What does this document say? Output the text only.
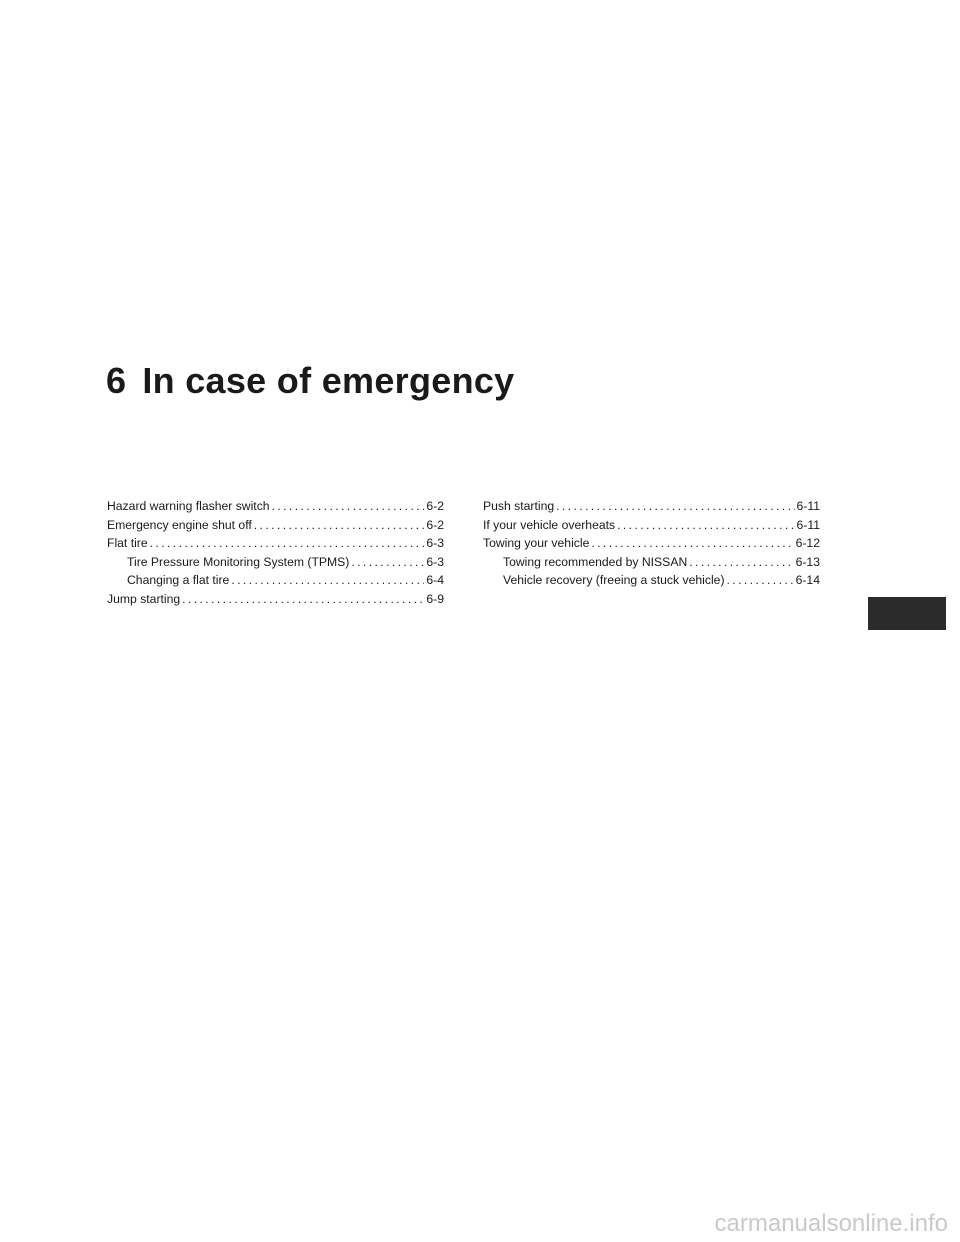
6 In case of emergency
Hazard warning flasher switch .....	6-2
Emergency engine shut off .....	6-2
Flat tire .....	6-3
Tire Pressure Monitoring System (TPMS) .....	6-3
Changing a flat tire .....	6-4
Jump starting .....	6-9
Push starting .....	6-11
If your vehicle overheats .....	6-11
Towing your vehicle .....	6-12
Towing recommended by NISSAN .....	6-13
Vehicle recovery (freeing a stuck vehicle) .....	6-14
carmanualsonline.info
